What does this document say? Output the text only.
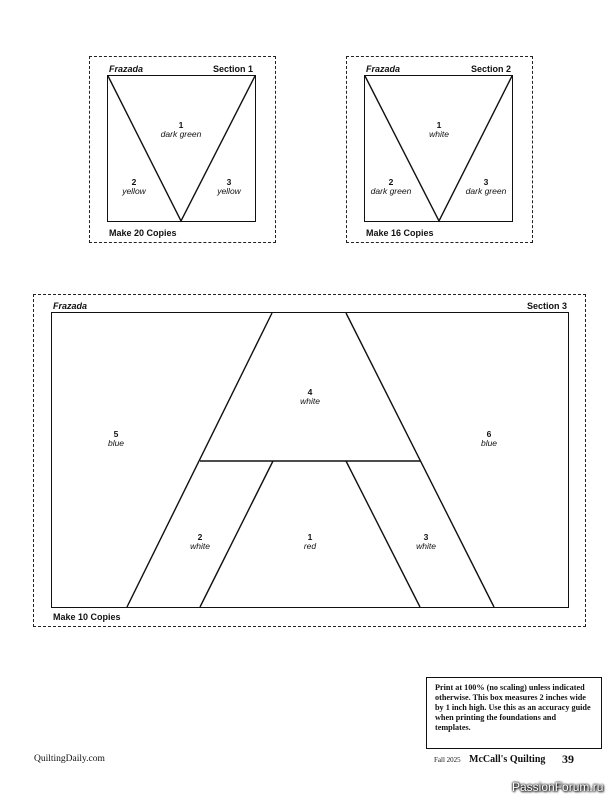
Frazada	Section 1
Make 20 Copies
1
dark green
2
yellow
3
yellow
Frazada	Section 2
Make 16 Copies
1
white
2
dark green
3
dark green
Frazada	Section 3
Make 10 Copies
1
red
2
white
3
white
4
white
5
blue
6
blue
Print at 100% (no scaling) unless indicated otherwise. This box measures 2 inches wide by 1 inch high. Use this as an accuracy guide when printing the foundations and templates.
QuiltingDaily.com	Fall 2025 McCall's Quilting 39
PassionForum.ru
